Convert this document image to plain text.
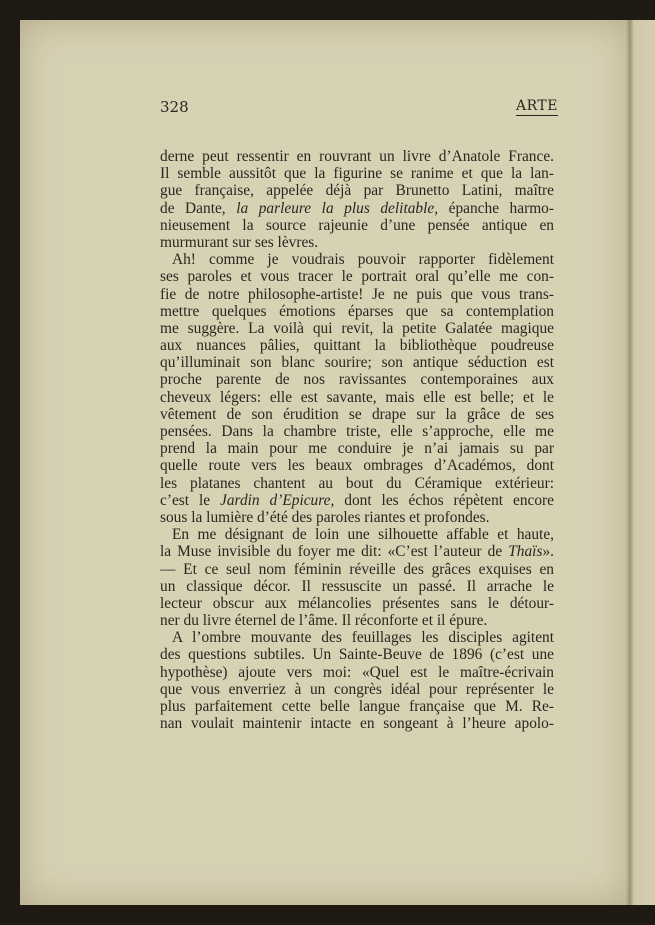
328	ARTE
derne peut ressentir en rouvrant un livre d’Anatole France.
Il semble aussitôt que la figurine se ranime et que la lan-
gue française, appelée déjà par Brunetto Latini, maître
de Dante, la parleure la plus delitable, épanche harmo-
nieusement la source rajeunie d’une pensée antique en
murmurant sur ses lèvres.
Ah! comme je voudrais pouvoir rapporter fidèlement
ses paroles et vous tracer le portrait oral qu’elle me con-
fie de notre philosophe-artiste! Je ne puis que vous trans-
mettre quelques émotions éparses que sa contemplation
me suggère. La voilà qui revit, la petite Galatée magique
aux nuances pâlies, quittant la bibliothèque poudreuse
qu’illuminait son blanc sourire; son antique séduction est
proche parente de nos ravissantes contemporaines aux
cheveux légers: elle est savante, mais elle est belle; et le
vêtement de son érudition se drape sur la grâce de ses
pensées. Dans la chambre triste, elle s’approche, elle me
prend la main pour me conduire je n’ai jamais su par
quelle route vers les beaux ombrages d’Académos, dont
les platanes chantent au bout du Céramique extérieur:
c’est le Jardin d’Epicure, dont les échos répètent encore
sous la lumière d’été des paroles riantes et profondes.
En me désignant de loin une silhouette affable et haute,
la Muse invisible du foyer me dit: «C’est l’auteur de Thaïs».
— Et ce seul nom féminin réveille des grâces exquises en
un classique décor. Il ressuscite un passé. Il arrache le
lecteur obscur aux mélancolies présentes sans le détour-
ner du livre éternel de l’âme. Il réconforte et il épure.
A l’ombre mouvante des feuillages les disciples agitent
des questions subtiles. Un Sainte-Beuve de 1896 (c’est une
hypothèse) ajoute vers moi: «Quel est le maître-écrivain
que vous enverriez à un congrès idéal pour représenter le
plus parfaitement cette belle langue française que M. Re-
nan voulait maintenir intacte en songeant à l’heure apolo-
